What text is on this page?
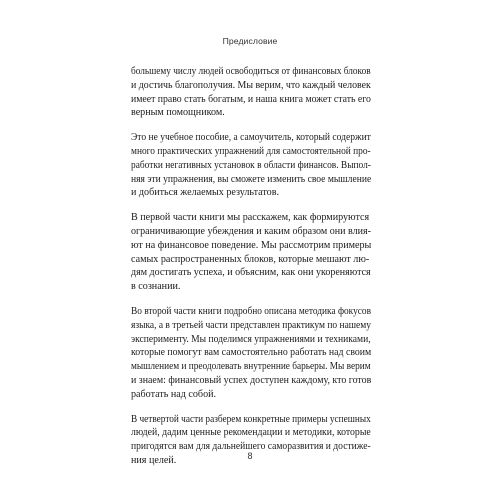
Предисловие

большему числу людей освободиться от финансовых блоков
и достичь благополучия. Мы верим, что каждый человек
имеет право стать богатым, и наша книга может стать его
верным помощником.

Это не учебное пособие, а самоучитель, который содержит
много практических упражнений для самостоятельной про-
работки негативных установок в области финансов. Выпол-
няя эти упражнения, вы сможете изменить свое мышление
и добиться желаемых результатов.

В первой части книги мы расскажем, как формируются
ограничивающие убеждения и каким образом они влия-
ют на финансовое поведение. Мы рассмотрим примеры
самых распространенных блоков, которые мешают лю-
дям достигать успеха, и объясним, как они укореняются
в сознании.

Во второй части книги подробно описана методика фокусов
языка, а в третьей части представлен практикум по нашему
эксперименту. Мы поделимся упражнениями и техниками,
которые помогут вам самостоятельно работать над своим
мышлением и преодолевать внутренние барьеры. Мы верим
и знаем: финансовый успех доступен каждому, кто готов
работать над собой.

В четвертой части разберем конкретные примеры успешных
людей, дадим ценные рекомендации и методики, которые
пригодятся вам для дальнейшего саморазвития и достиже-
ния целей.	8
